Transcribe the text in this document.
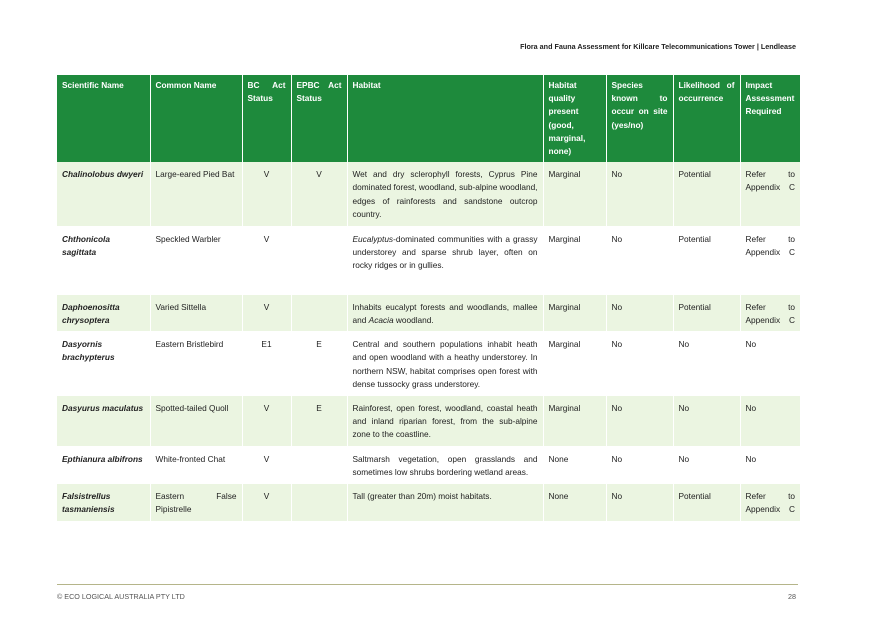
Flora and Fauna Assessment for Killcare Telecommunications Tower | Lendlease
Scientific Name	Common Name	BC Act Status	EPBC Act Status	Habitat	Habitat quality present (good, marginal, none)	Species known to occur on site (yes/no)	Likelihood of occurrence	Impact Assessment Required
Chalinolobus dwyeri	Large-eared Pied Bat	V	V	Wet and dry sclerophyll forests, Cyprus Pine dominated forest, woodland, sub-alpine woodland, edges of rainforests and sandstone outcrop country.	Marginal	No	Potential	Refer to Appendix C
Chthonicola sagittata	Speckled Warbler	V		Eucalyptus-dominated communities with a grassy understorey and sparse shrub layer, often on rocky ridges or in gullies.	Marginal	No	Potential	Refer to Appendix C
Daphoenositta chrysoptera	Varied Sittella	V		Inhabits eucalypt forests and woodlands, mallee and Acacia woodland.	Marginal	No	Potential	Refer to Appendix C
Dasyornis brachypterus	Eastern Bristlebird	E1	E	Central and southern populations inhabit heath and open woodland with a heathy understorey. In northern NSW, habitat comprises open forest with dense tussocky grass understorey.	Marginal	No	No	No
Dasyurus maculatus	Spotted-tailed Quoll	V	E	Rainforest, open forest, woodland, coastal heath and inland riparian forest, from the sub-alpine zone to the coastline.	Marginal	No	No	No
Epthianura albifrons	White-fronted Chat	V		Saltmarsh vegetation, open grasslands and sometimes low shrubs bordering wetland areas.	None	No	No	No
Falsistrellus tasmaniensis	Eastern False Pipistrelle	V		Tall (greater than 20m) moist habitats.	None	No	Potential	Refer to Appendix C
© ECO LOGICAL AUSTRALIA PTY LTD	28
